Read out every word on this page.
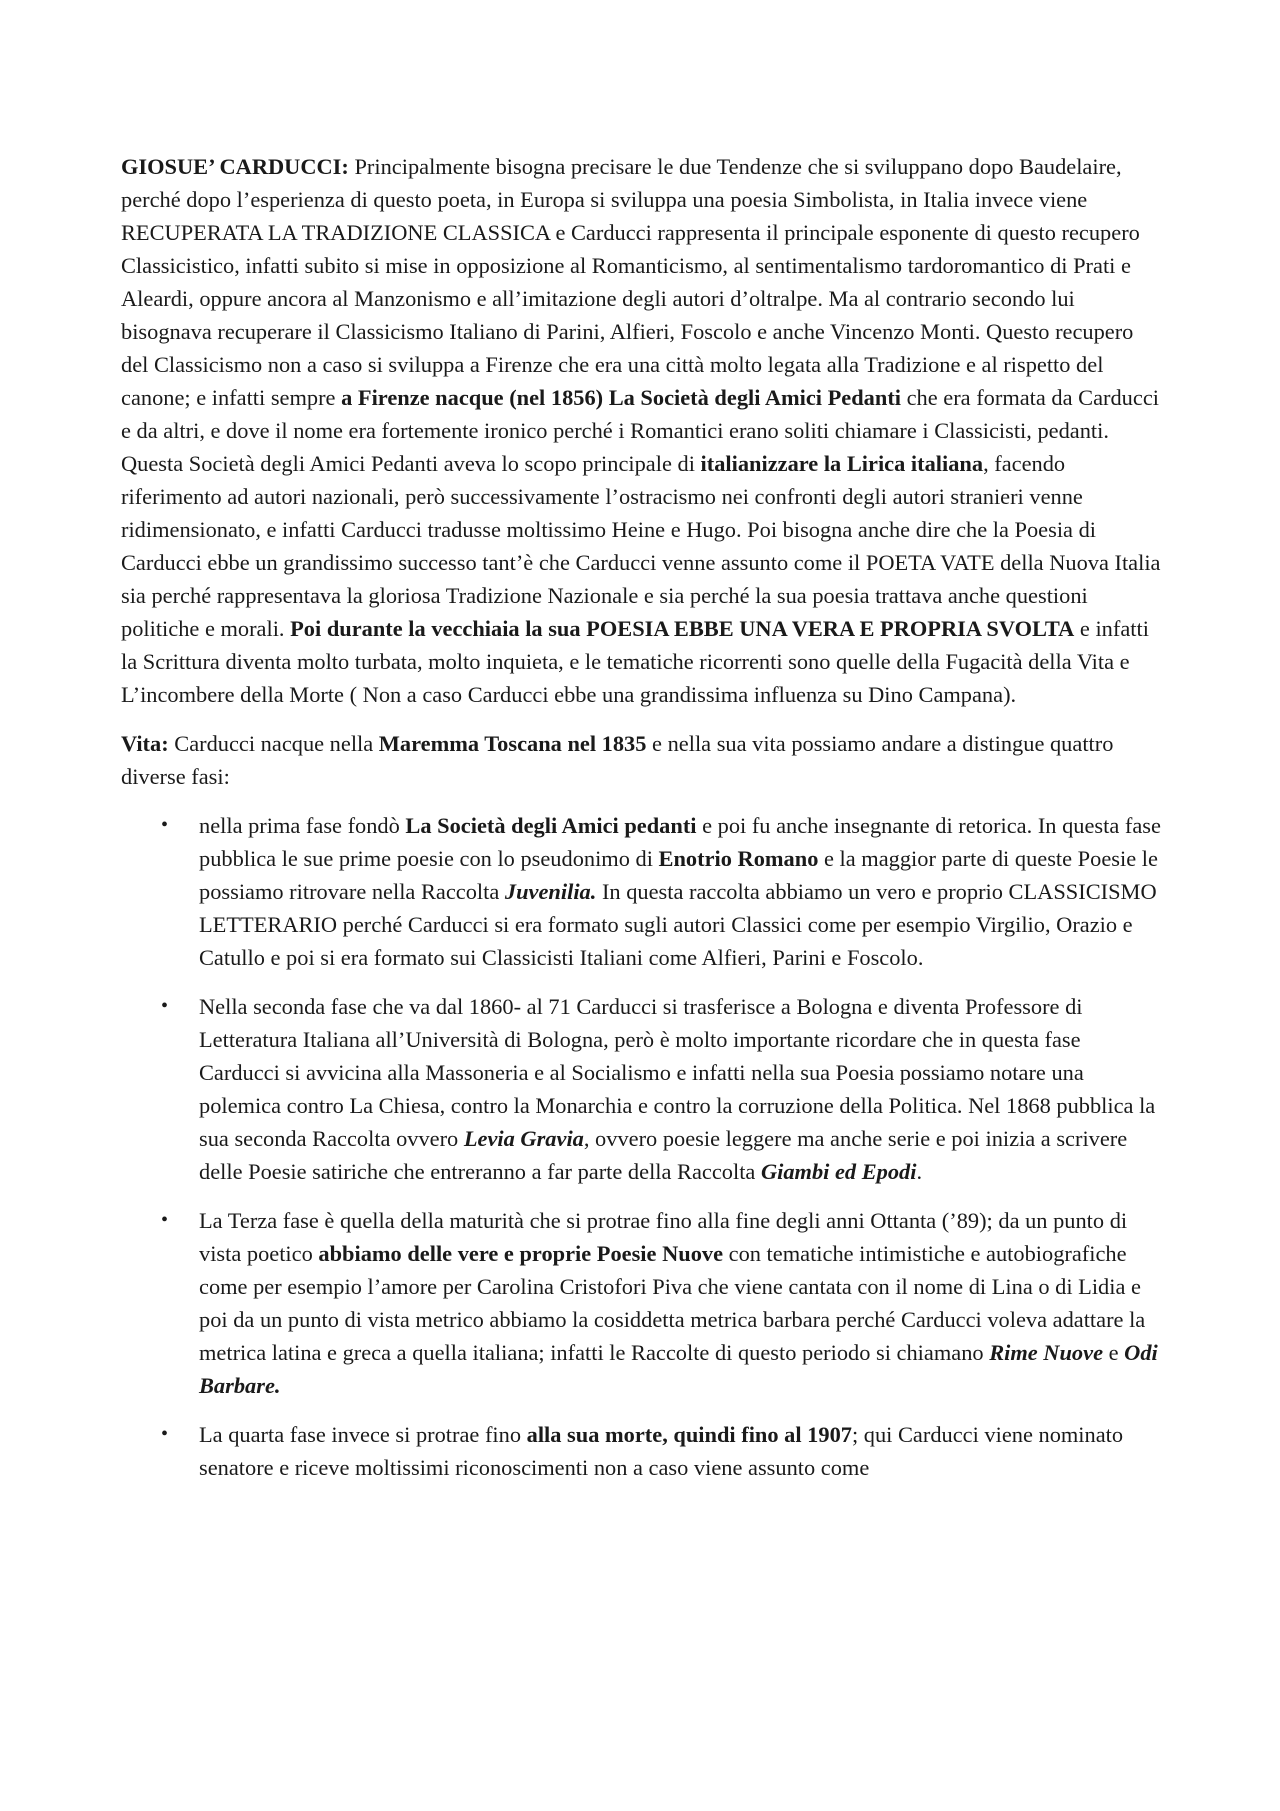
GIOSUE’ CARDUCCI: Principalmente bisogna precisare le due Tendenze che si sviluppano dopo Baudelaire, perché dopo l’esperienza di questo poeta, in Europa si sviluppa una poesia Simbolista, in Italia invece viene RECUPERATA LA TRADIZIONE CLASSICA e Carducci rappresenta il principale esponente di questo recupero Classicistico, infatti subito si mise in opposizione al Romanticismo, al sentimentalismo tardoromantico di Prati e Aleardi, oppure ancora al Manzonismo e all’imitazione degli autori d’oltralpe. Ma al contrario secondo lui bisognava recuperare il Classicismo Italiano di Parini, Alfieri, Foscolo e anche Vincenzo Monti. Questo recupero del Classicismo non a caso si sviluppa a Firenze che era una città molto legata alla Tradizione e al rispetto del canone; e infatti sempre a Firenze nacque (nel 1856) La Società degli Amici Pedanti che era formata da Carducci e da altri, e dove il nome era fortemente ironico perché i Romantici erano soliti chiamare i Classicisti, pedanti. Questa Società degli Amici Pedanti aveva lo scopo principale di italianizzare la Lirica italiana, facendo riferimento ad autori nazionali, però successivamente l’ostracismo nei confronti degli autori stranieri venne ridimensionato, e infatti Carducci tradusse moltissimo Heine e Hugo. Poi bisogna anche dire che la Poesia di Carducci ebbe un grandissimo successo tant’è che Carducci venne assunto come il POETA VATE della Nuova Italia sia perché rappresentava la gloriosa Tradizione Nazionale e sia perché la sua poesia trattava anche questioni politiche e morali. Poi durante la vecchiaia la sua POESIA EBBE UNA VERA E PROPRIA SVOLTA e infatti la Scrittura diventa molto turbata, molto inquieta, e le tematiche ricorrenti sono quelle della Fugacità della Vita e L’incombere della Morte ( Non a caso Carducci ebbe una grandissima influenza su Dino Campana).

Vita: Carducci nacque nella Maremma Toscana nel 1835 e nella sua vita possiamo andare a distingue quattro diverse fasi:

• nella prima fase fondò La Società degli Amici pedanti e poi fu anche insegnante di retorica. In questa fase pubblica le sue prime poesie con lo pseudonimo di Enotrio Romano e la maggior parte di queste Poesie le possiamo ritrovare nella Raccolta Juvenilia. In questa raccolta abbiamo un vero e proprio CLASSICISMO LETTERARIO perché Carducci si era formato sugli autori Classici come per esempio Virgilio, Orazio e Catullo e poi si era formato sui Classicisti Italiani come Alfieri, Parini e Foscolo.

• Nella seconda fase che va dal 1860- al 71 Carducci si trasferisce a Bologna e diventa Professore di Letteratura Italiana all’Università di Bologna, però è molto importante ricordare che in questa fase Carducci si avvicina alla Massoneria e al Socialismo e infatti nella sua Poesia possiamo notare una polemica contro La Chiesa, contro la Monarchia e contro la corruzione della Politica. Nel 1868 pubblica la sua seconda Raccolta ovvero Levia Gravia, ovvero poesie leggere ma anche serie e poi inizia a scrivere delle Poesie satiriche che entreranno a far parte della Raccolta Giambi ed Epodi.

• La Terza fase è quella della maturità che si protrae fino alla fine degli anni Ottanta (’89); da un punto di vista poetico abbiamo delle vere e proprie Poesie Nuove con tematiche intimistiche e autobiografiche come per esempio l’amore per Carolina Cristofori Piva che viene cantata con il nome di Lina o di Lidia e poi da un punto di vista metrico abbiamo la cosiddetta metrica barbara perché Carducci voleva adattare la metrica latina e greca a quella italiana; infatti le Raccolte di questo periodo si chiamano Rime Nuove e Odi Barbare.

• La quarta fase invece si protrae fino alla sua morte, quindi fino al 1907; qui Carducci viene nominato senatore e riceve moltissimi riconoscimenti non a caso viene assunto come
